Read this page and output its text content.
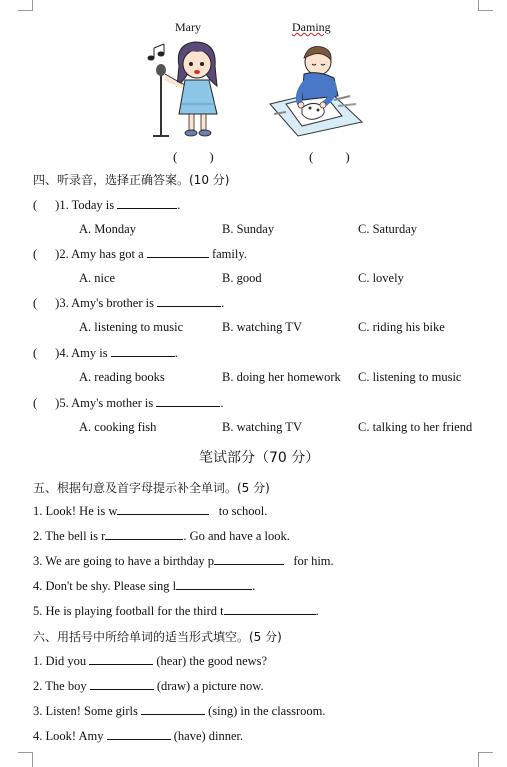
Mary	Daming
(　　)	(　　)
四、听录音，选择正确答案。(10 分)
( )1. Today is	.
A. Monday	B. Sunday	C. Saturday
( )2. Amy has got a	family.
A. nice	B. good	C. lovely
( )3. Amy's brother is	.
A. listening to music	B. watching TV	C. riding his bike
( )4. Amy is	.
A. reading books	B. doing her homework C. listening to music
( )5. Amy's mother is	.
A. cooking fish	B. watching TV	C. talking to her friend
笔试部分（70 分）
五、根据句意及首字母提示补全单词。(5 分)
1. Look! He is w	to school.
2. The bell is r	. Go and have a look.
3. We are going to have a birthday p	for him.
4. Don't be shy. Please sing l	.
5. He is playing football for the third t	.
六、用括号中所给单词的适当形式填空。(5 分)
1. Did you	(hear) the good news?
2. The boy	(draw) a picture now.
3. Listen! Some girls	(sing) in the classroom.
4. Look! Amy	(have) dinner.
